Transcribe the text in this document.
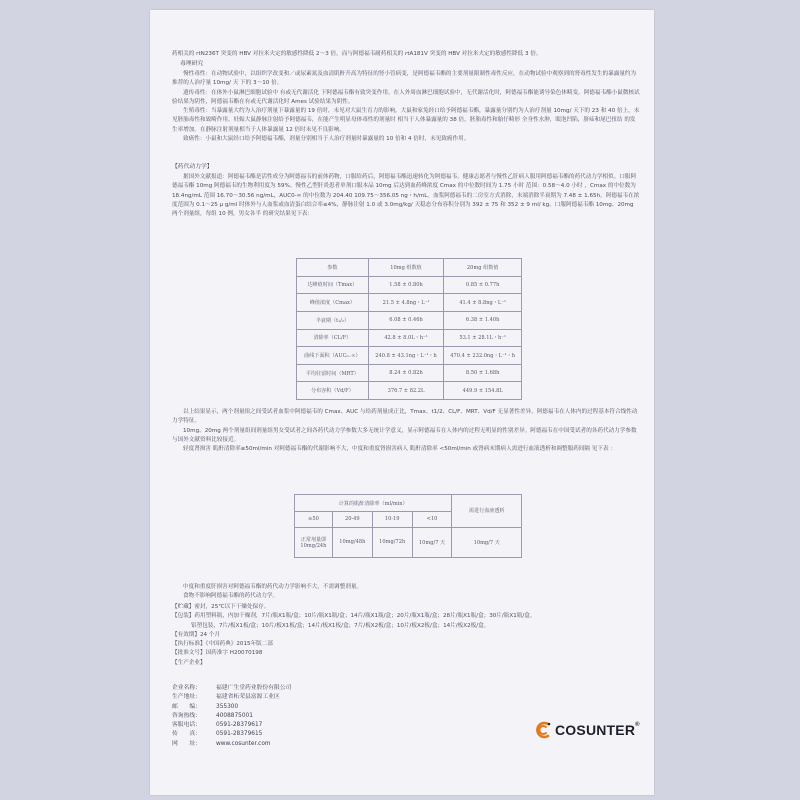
药相关的 rtN236T 突变的 HBV 对拉米夫定的敏感性降低 2～3 倍，而与阿德福韦耐药相关的 rtA181V 突变的 HBV 对拉米夫定的敏感性降低 3 倍。

毒理研究

慢性毒性：在动物试验中，以组织学改变和／或尿素氮及血清肌酐升高为特征的肾小管病变，是阿德福韦酯的主要剂量限制性毒性反应，在动物试验中观察到的肾毒性发生的暴露量约为推荐的人治疗量 10mg/ 天 下的 3～10 倍。

遗传毒性：在体外小鼠淋巴细胞试验中 有或无代谢活化 下阿德福韦酯有致突变作用。在人外周血淋巴细胞试验中，无代谢活化时，阿德福韦酯能诱导染色体畸变。阿德福韦酯小鼠微核试验结果为阴性，阿德福韦酯在有或无代谢活化时 Ames 试验结果为阴性。

生殖毒性：当暴露量大约为人治疗剂量下暴露量的 19 倍时，未见对大鼠生育力的影响。大鼠和家兔经口给予阿德福韦酯，暴露量分别约为人治疗剂量 10mg/ 天下的 23 和 40 倍上，未见胚胎毒性和致畸作用。妊娠大鼠静脉注射给予阿德福韦，在能产生明显母体毒性的剂量时 相当于人体暴露量的 38 倍，胚胎毒性和胎仔畸形 全身性水肿，眼泡凹陷，脐疝和尾巴扭结 的发生率增加。在静脉注射剂量相当于人体暴露量 12 倍时未见不良影响。

致癌性：小鼠和大鼠经口给予阿德福韦酯，剂量分别相当于人治疗剂量时暴露量的 10 倍和 4 倍时，未见致癌作用。

【药代动力学】

据国外文献报道：阿德福韦酯是活性成分为阿德福韦的前体药物，口服给药后，阿德福韦酯迅速转化为阿德福韦。健康志愿者与慢性乙肝病人服用阿德福韦酯的药代动力学相似。口服阿德福韦酯 10mg 阿德福韦的生物利用度为 59%。慢性乙型肝炎患者单剂口服本品 10mg 后达到血药峰浓度 Cmax 的中位数时间为 1.75 小时 范围：0.58～4.0 小时 ，Cmax 的中位数为 18.4ng/mL 范围 16.70～30.56 ng/mL，AUC0-∞ 的中位数为 204.40 109.75～356.05 ng・h/mL。血浆阿德福韦的二房室方式消除，末端消除半衰期为 7.48 ± 1.65h。阿德福韦在浓度范围为 0.1～25 μ g/ml 时体外与人血浆或血清蛋白结合率≤4%，静脉注射 1.0 或 3.0mg/kg/ 天稳态分布容积分别为 392 ± 75 和 352 ± 9 ml/ kg。口服阿德福韦酯 10mg、20mg 两个剂量组，每组 10 例，男女各半 的研究结果见下表：

参数	10mg 组数值	20mg 组数值
达峰值时间（Tmax）	1.58 ± 0.80h	0.85 ± 0.77h
峰值浓度（Cmax）	21.5 ± 4.8ng・L⁻¹	41.4 ± 8.8ng・L⁻¹
半衰期（t₁/₂）	6.08 ± 0.46h	6.38 ± 1.40h
清除率（CL/F）	42.8 ± 8.0L・h⁻¹	53.1 ± 28.1L・h⁻¹
曲线下面积（AUC₀₋∞）	240.8 ± 43.1ng・L⁻¹・h	470.4 ± 232.0ng・L⁻¹・h
平均驻留时间（MRT）	8.24 ± 0.82h	8.50 ± 1.68h
分布容积（Vd/F）	376.7 ± 82.2L	449.9 ± 154.8L

以上结果显示，两个剂量组之间受试者血浆中阿德福韦的 Cmax、AUC 与给药剂量成正比，Tmax、t1/2、CL/F、MRT、Vd/F 无显著性差异，阿德福韦在人体内的过程基本符合线性动力学特征。

10mg、20mg 两个剂量组间剂量组男女受试者之间各药代动力学参数大多无统计学意义，显示阿德福韦在人体内的过程无明显的性别差异。阿德福韦在中国受试者的各药代动力学参数与国外文献资料比较接近。

轻度肾损害 肌酐清除率≥50ml/min 对阿德福韦酯的代谢影响不大，中度和重度肾损害病人 肌酐清除率 <50ml/min 或肾病末期病人需进行血液透析和调整服药间隔 见下表 ：

计算的肌酐清除率（ml/min）				需进行血液透析
≥50	20-49	10-19	<10	
正常剂量即 10mg/24h	10mg/48h	10mg/72h	10mg/7 天	10mg/7 天

中度和重度肝损害对阿德福韦酯的药代动力学影响不大，不需调整剂量。

食物不影响阿德福韦酯的药代动力学。

【贮藏】密封，25℃以下干燥处保存。

【包装】药用塑料瓶，内加干燥剂，7片/瓶X1瓶/盒；10片/瓶X1瓶/盒；14片/瓶X1瓶/盒；20片/瓶X1瓶/盒；28片/瓶X1瓶/盒；30片/瓶X1瓶/盒。

铝塑包装，7片/板X1板/盒；10片/板X1板/盒；14片/板X1板/盒；7片/板X2板/盒；10片/板X2板/盒；14片/板X2板/盒。

【有效期】24 个月

【执行标准】《中国药典》2015年版二部

【批准文号】国药准字 H20070198

【生产企业】

企业名称：	福建广生堂药业股份有限公司
生产地址：	福建省柘荣县富源工业区
邮　　编：	355300
咨询热线：	4008875001
客服电话：	0591-28379617
传　　真：	0591-28379615
网　　址：	www.cosunter.com
COSUNTER®
